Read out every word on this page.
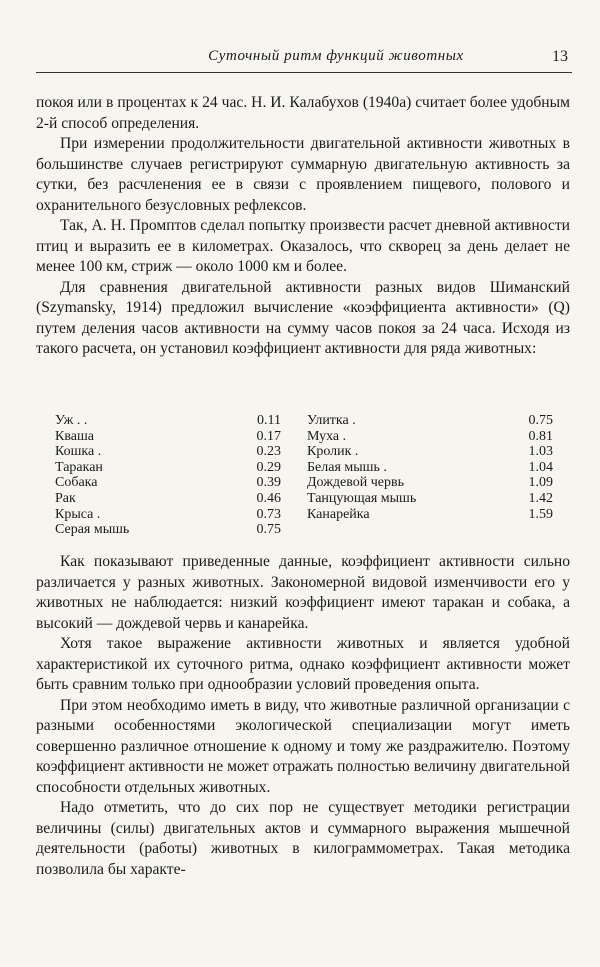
Суточный ритм функций животных	13

покоя или в процентах к 24 час. Н. И. Калабухов (1940а) считает более удобным 2-й способ определения.

При измерении продолжительности двигательной активности животных в большинстве случаев регистрируют суммарную двигательную активность за сутки, без расчленения ее в связи с проявлением пищевого, полового и охранительного безусловных рефлексов.

Так, А. Н. Промптов сделал попытку произвести расчет дневной активности птиц и выразить ее в километрах. Оказалось, что скворец за день делает не менее 100 км, стриж — около 1000 км и более.

Для сравнения двигательной активности разных видов Шиманский (Szymansky, 1914) предложил вычисление «коэффициента активности» (Q) путем деления часов активности на сумму часов покоя за 24 часа. Исходя из такого расчета, он установил коэффициент активности для ряда животных:

Уж . .	0.11
Кваша	0.17
Кошка .	0.23
Таракан	0.29
Собака	0.39
Рак	0.46
Крыса .	0.73
Серая мышь	0.75
Улитка .	0.75
Муха .	0.81
Кролик .	1.03
Белая мышь .	1.04
Дождевой червь	1.09
Танцующая мышь	1.42
Канарейка	1.59

Как показывают приведенные данные, коэффициент активности сильно различается у разных животных. Закономерной видовой изменчивости его у животных не наблюдается: низкий коэффициент имеют таракан и собака, а высокий — дождевой червь и канарейка.

Хотя такое выражение активности животных и является удобной характеристикой их суточного ритма, однако коэффициент активности может быть сравним только при однообразии условий проведения опыта.

При этом необходимо иметь в виду, что животные различной организации с разными особенностями экологической специализации могут иметь совершенно различное отношение к одному и тому же раздражителю. Поэтому коэффициент активности не может отражать полностью величину двигательной способности отдельных животных.

Надо отметить, что до сих пор не существует методики регистрации величины (силы) двигательных актов и суммарного выражения мышечной деятельности (работы) животных в килограммометрах. Такая методика позволила бы характе-
